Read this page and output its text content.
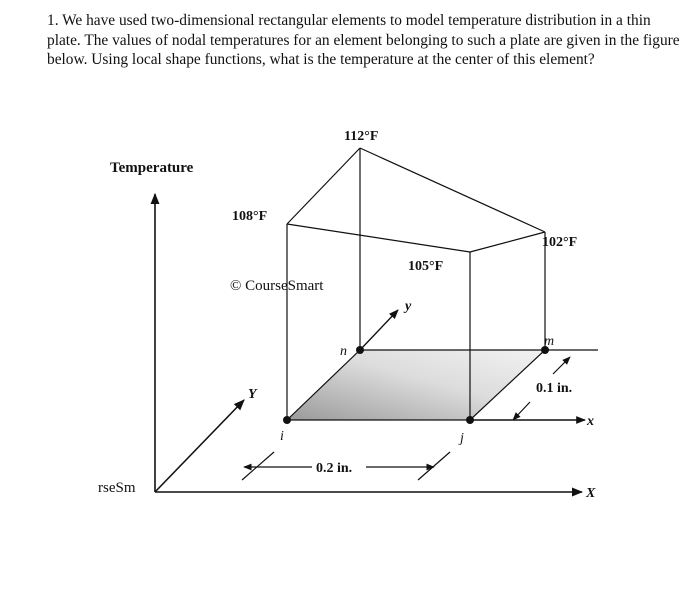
1. We have used two-dimensional rectangular elements to model temperature distribution in a thin plate. The values of nodal temperatures for an element belonging to such a plate are given in the figure below. Using local shape functions, what is the temperature at the center of this element?

© CourseSmart
rseSm
0.2 in.
0.1 in.
Temperature
112°F
108°F
102°F
105°F
i	j
m
n
y
x
Y
X
